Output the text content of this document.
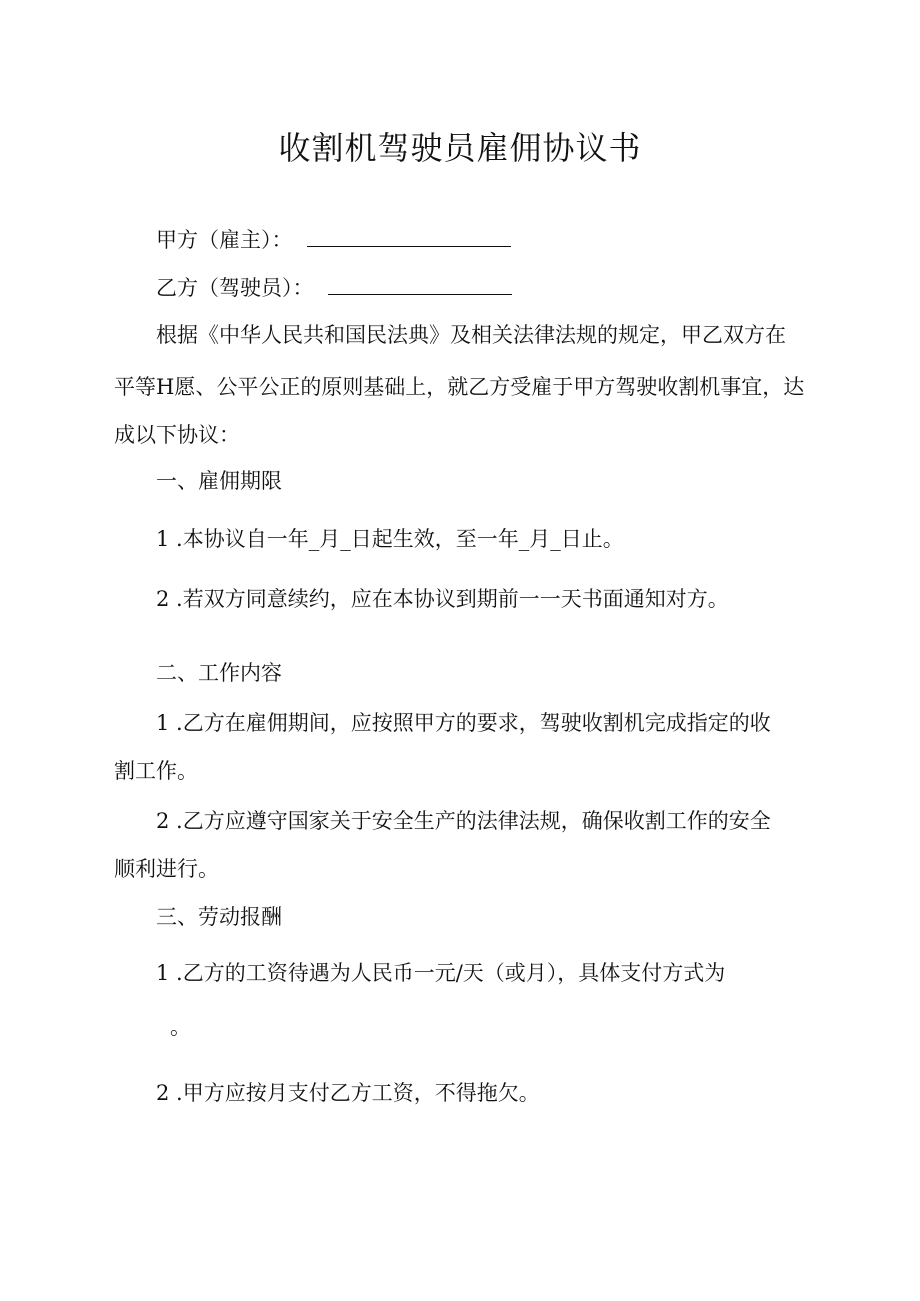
收割机驾驶员雇佣协议书
甲方（雇主）：
乙方（驾驶员）：
根据《中华人民共和国民法典》及相关法律法规的规定，甲乙双方在
平等H愿、公平公正的原则基础上，就乙方受雇于甲方驾驶收割机事宜，达
成以下协议：
一、雇佣期限
1 .本协议自一年_月_日起生效，至一年_月_日止。
2 .若双方同意续约，应在本协议到期前一一天书面通知对方。
二、工作内容
1 .乙方在雇佣期间，应按照甲方的要求，驾驶收割机完成指定的收
割工作。
2 .乙方应遵守国家关于安全生产的法律法规，确保收割工作的安全
顺利进行。
三、劳动报酬
1 .乙方的工资待遇为人民币一元/天（或月），具体支付方式为
。
2 .甲方应按月支付乙方工资，不得拖欠。
